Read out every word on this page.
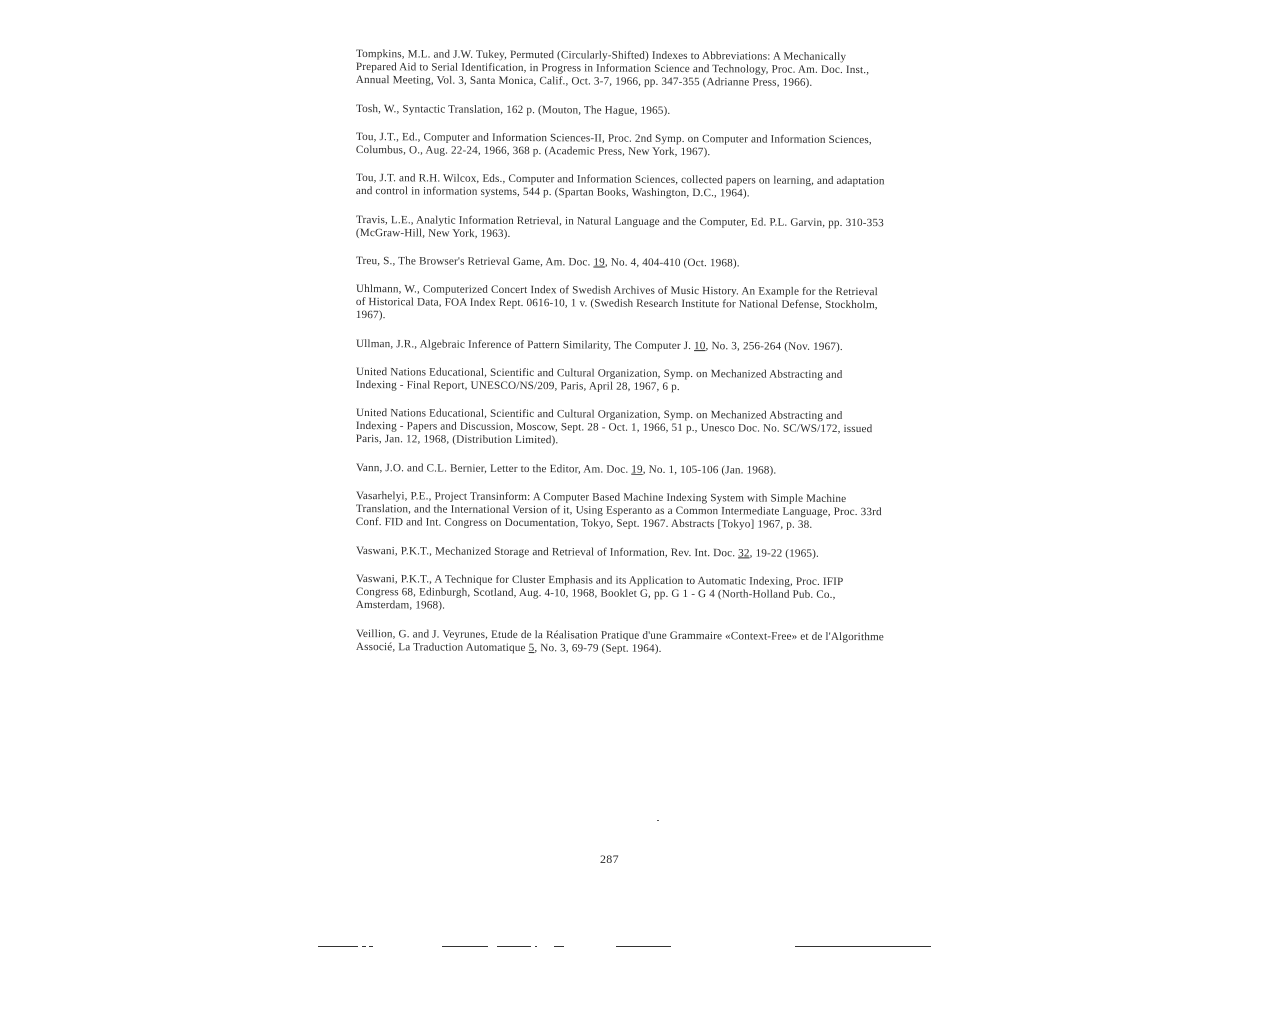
Tompkins, M.L. and J.W. Tukey, Permuted (Circularly-Shifted) Indexes to Abbreviations: A Mechanically Prepared Aid to Serial Identification, in Progress in Information Science and Technology, Proc. Am. Doc. Inst., Annual Meeting, Vol. 3, Santa Monica, Calif., Oct. 3-7, 1966, pp. 347-355 (Adrianne Press, 1966).

Tosh, W., Syntactic Translation, 162 p. (Mouton, The Hague, 1965).

Tou, J.T., Ed., Computer and Information Sciences-II, Proc. 2nd Symp. on Computer and Information Sciences, Columbus, O., Aug. 22-24, 1966, 368 p. (Academic Press, New York, 1967).

Tou, J.T. and R.H. Wilcox, Eds., Computer and Information Sciences, collected papers on learning, and adaptation and control in information systems, 544 p. (Spartan Books, Washington, D.C., 1964).

Travis, L.E., Analytic Information Retrieval, in Natural Language and the Computer, Ed. P.L. Garvin, pp. 310-353 (McGraw-Hill, New York, 1963).

Treu, S., The Browser's Retrieval Game, Am. Doc. 19, No. 4, 404-410 (Oct. 1968).

Uhlmann, W., Computerized Concert Index of Swedish Archives of Music History. An Example for the Retrieval of Historical Data, FOA Index Rept. 0616-10, 1 v. (Swedish Research Institute for National Defense, Stockholm, 1967).

Ullman, J.R., Algebraic Inference of Pattern Similarity, The Computer J. 10, No. 3, 256-264 (Nov. 1967).

United Nations Educational, Scientific and Cultural Organization, Symp. on Mechanized Abstracting and Indexing - Final Report, UNESCO/NS/209, Paris, April 28, 1967, 6 p.

United Nations Educational, Scientific and Cultural Organization, Symp. on Mechanized Abstracting and Indexing - Papers and Discussion, Moscow, Sept. 28 - Oct. 1, 1966, 51 p., Unesco Doc. No. SC/WS/172, issued Paris, Jan. 12, 1968, (Distribution Limited).

Vann, J.O. and C.L. Bernier, Letter to the Editor, Am. Doc. 19, No. 1, 105-106 (Jan. 1968).

Vasarhelyi, P.E., Project Transinform: A Computer Based Machine Indexing System with Simple Machine Translation, and the International Version of it, Using Esperanto as a Common Intermediate Language, Proc. 33rd Conf. FID and Int. Congress on Documentation, Tokyo, Sept. 1967. Abstracts [Tokyo] 1967, p. 38.

Vaswani, P.K.T., Mechanized Storage and Retrieval of Information, Rev. Int. Doc. 32, 19-22 (1965).

Vaswani, P.K.T., A Technique for Cluster Emphasis and its Application to Automatic Indexing, Proc. IFIP Congress 68, Edinburgh, Scotland, Aug. 4-10, 1968, Booklet G, pp. G 1 - G 4 (North-Holland Pub. Co., Amsterdam, 1968).

Veillion, G. and J. Veyrunes, Etude de la Réalisation Pratique d'une Grammaire «Context-Free» et de l'Algorithme Associé, La Traduction Automatique 5, No. 3, 69-79 (Sept. 1964).

287
